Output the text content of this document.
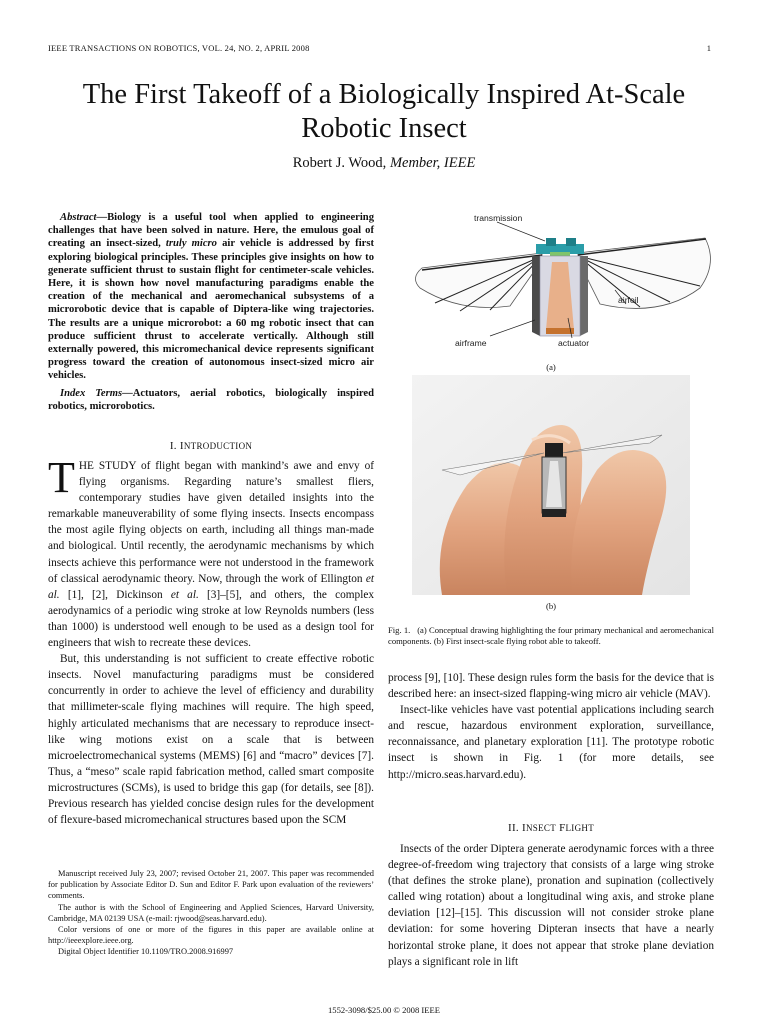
IEEE TRANSACTIONS ON ROBOTICS, VOL. 24, NO. 2, APRIL 2008	1
The First Takeoff of a Biologically Inspired At-Scale
Robotic Insect
Robert J. Wood, Member, IEEE
Abstract—Biology is a useful tool when applied to engineering challenges that have been solved in nature. Here, the emulous goal of creating an insect-sized, truly micro air vehicle is addressed by first exploring biological principles. These principles give insights on how to generate sufficient thrust to sustain flight for centimeter-scale vehicles. Here, it is shown how novel manufacturing paradigms enable the creation of the mechanical and aeromechanical subsystems of a microrobotic device that is capable of Diptera-like wing trajectories. The results are a unique microrobot: a 60 mg robotic insect that can produce sufficient thrust to accelerate vertically. Although still externally powered, this micromechanical device represents significant progress toward the creation of autonomous insect-sized micro air vehicles.
Index Terms—Actuators, aerial robotics, biologically inspired robotics, microrobotics.
I. INTRODUCTION

THE STUDY of flight began with mankind’s awe and envy of flying organisms. Regarding nature’s smallest fliers, contemporary studies have given detailed insights into the remarkable maneuverability of some flying insects. Insects encompass the most agile flying objects on earth, including all things man-made and biological. Until recently, the aerodynamic mechanisms by which insects achieve this performance were not understood in the framework of classical aerodynamic theory. Now, through the work of Ellington et al. [1], [2], Dickinson et al. [3]–[5], and others, the complex aerodynamics of a periodic wing stroke at low Reynolds numbers (less than 1000) is understood well enough to be used as a design tool for engineers that wish to recreate these devices.

But, this understanding is not sufficient to create effective robotic insects. Novel manufacturing paradigms must be considered concurrently in order to achieve the level of efficiency and durability that millimeter-scale flying machines will require. The high speed, highly articulated mechanisms that are necessary to reproduce insect-like wing motions exist on a scale that is between microelectromechanical systems (MEMS) [6] and “macro” devices [7]. Thus, a “meso” scale rapid fabrication method, called smart composite microstructures (SCMs), is used to bridge this gap (for details, see [8]). Previous research has yielded concise design rules for the development of flexure-based micromechanical structures based upon the SCM

Manuscript received July 23, 2007; revised October 21, 2007. This paper was recommended for publication by Associate Editor D. Sun and Editor F. Park upon evaluation of the reviewers’ comments.

The author is with the School of Engineering and Applied Sciences, Harvard University, Cambridge, MA 02139 USA (e-mail: rjwood@seas.harvard.edu).

Color versions of one or more of the figures in this paper are available online at http://ieeexplore.ieee.org.

Digital Object Identifier 10.1109/TRO.2008.916997

transmission
airfoil
airframe	actuator
(a)
(b)
Fig. 1. (a) Conceptual drawing highlighting the four primary mechanical and aeromechanical components. (b) First insect-scale flying robot able to takeoff.

process [9], [10]. These design rules form the basis for the device that is described here: an insect-sized flapping-wing micro air vehicle (MAV).

Insect-like vehicles have vast potential applications including search and rescue, hazardous environment exploration, surveillance, reconnaissance, and planetary exploration [11]. The prototype robotic insect is shown in Fig. 1 (for more details, see http://micro.seas.harvard.edu).

II. INSECT FLIGHT

Insects of the order Diptera generate aerodynamic forces with a three degree-of-freedom wing trajectory that consists of a large wing stroke (that defines the stroke plane), pronation and supination (collectively called wing rotation) about a longitudinal wing axis, and stroke plane deviation [12]–[15]. This discussion will not consider stroke plane deviation: for some hovering Dipteran insects that have a nearly horizontal stroke plane, it does not appear that stroke plane deviation plays a significant role in lift

1552-3098/$25.00 © 2008 IEEE
